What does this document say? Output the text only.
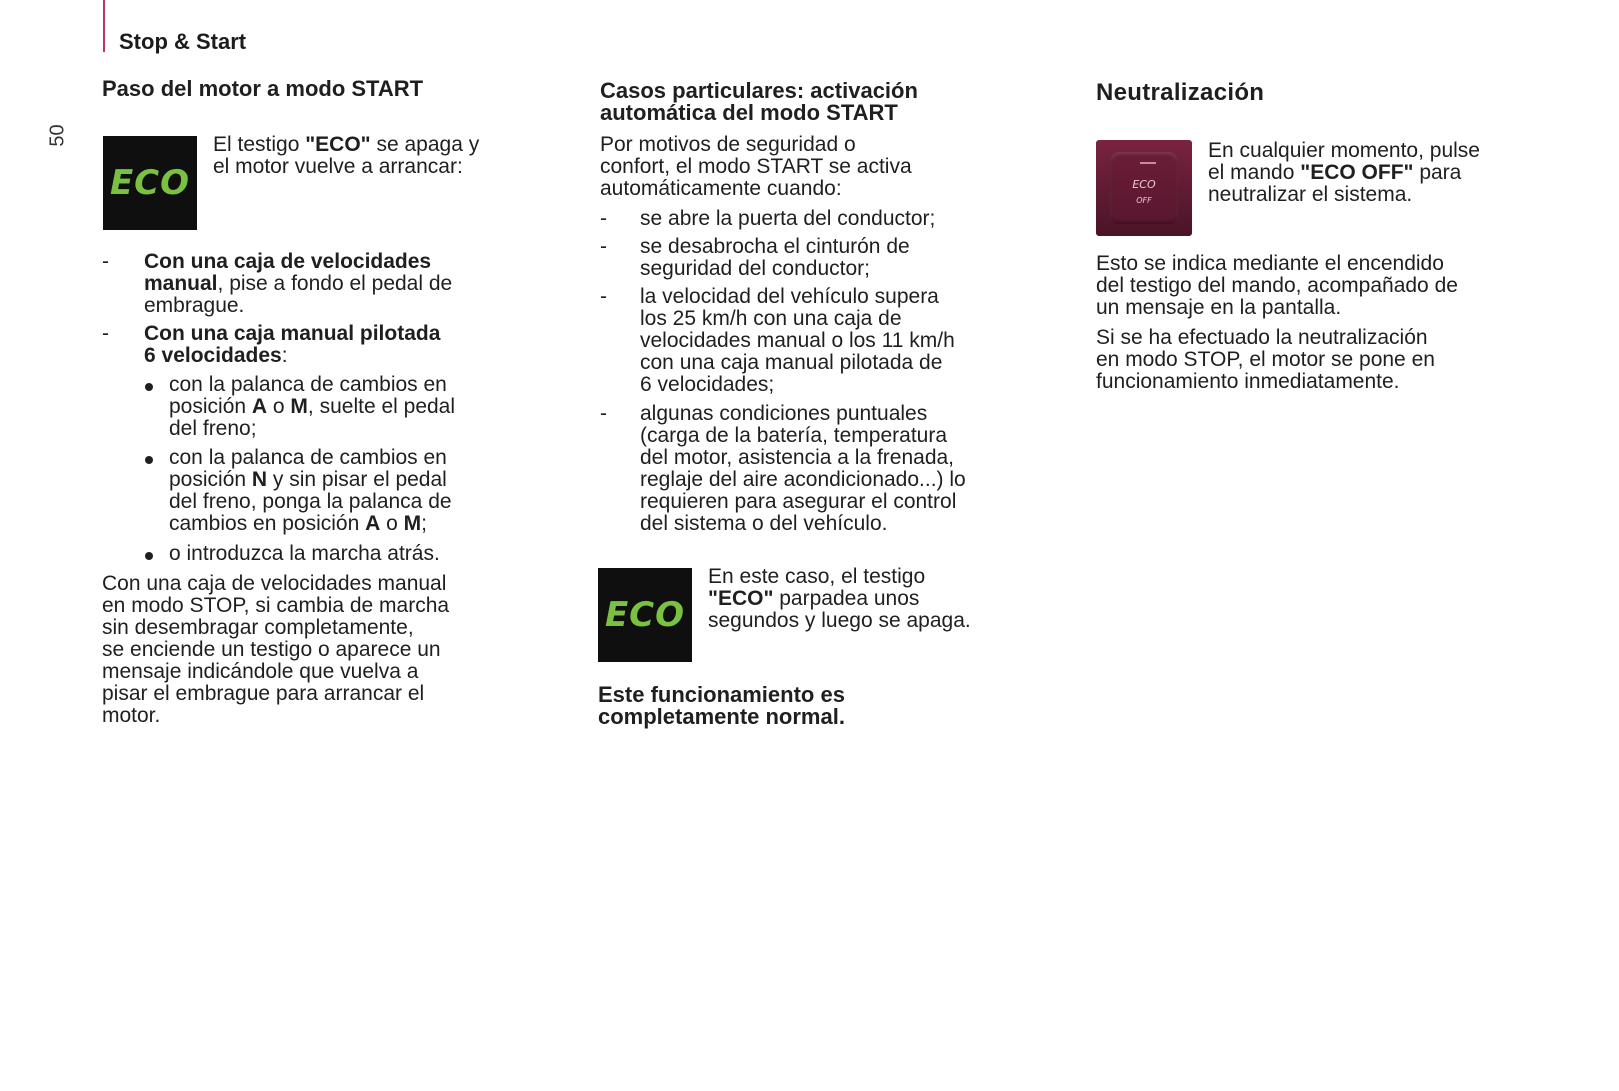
Stop & Start
50
Paso del motor a modo START
ECO

El testigo "ECO" se apaga y

el motor vuelve a arrancar:

- Con una caja de velocidades

manual, pise a fondo el pedal de

embrague.

- Con una caja manual pilotada

6 velocidades:

con la palanca de cambios en

posición A o M, suelte el pedal

del freno;

con la palanca de cambios en

posición N y sin pisar el pedal

del freno, ponga la palanca de

cambios en posición A o M;

o introduzca la marcha atrás.

Con una caja de velocidades manual

en modo STOP, si cambia de marcha

sin desembragar completamente,

se enciende un testigo o aparece un

mensaje indicándole que vuelva a

pisar el embrague para arrancar el

motor.

Casos particulares: activación

automática del modo START

Por motivos de seguridad o

confort, el modo START se activa

automáticamente cuando:

- se abre la puerta del conductor;

- se desabrocha el cinturón de

seguridad del conductor;

- la velocidad del vehículo supera

los 25 km/h con una caja de

velocidades manual o los 11 km/h

con una caja manual pilotada de

6 velocidades;

- algunas condiciones puntuales

(carga de la batería, temperatura

del motor, asistencia a la frenada,

reglaje del aire acondicionado...) lo

requieren para asegurar el control

del sistema o del vehículo.

ECO

En este caso, el testigo

"ECO" parpadea unos

segundos y luego se apaga.

Este funcionamiento es

completamente normal.

Neutralización
ECO
OFF

En cualquier momento, pulse

el mando "ECO OFF" para

neutralizar el sistema.

Esto se indica mediante el encendido

del testigo del mando, acompañado de

un mensaje en la pantalla.

Si se ha efectuado la neutralización

en modo STOP, el motor se pone en

funcionamiento inmediatamente.
